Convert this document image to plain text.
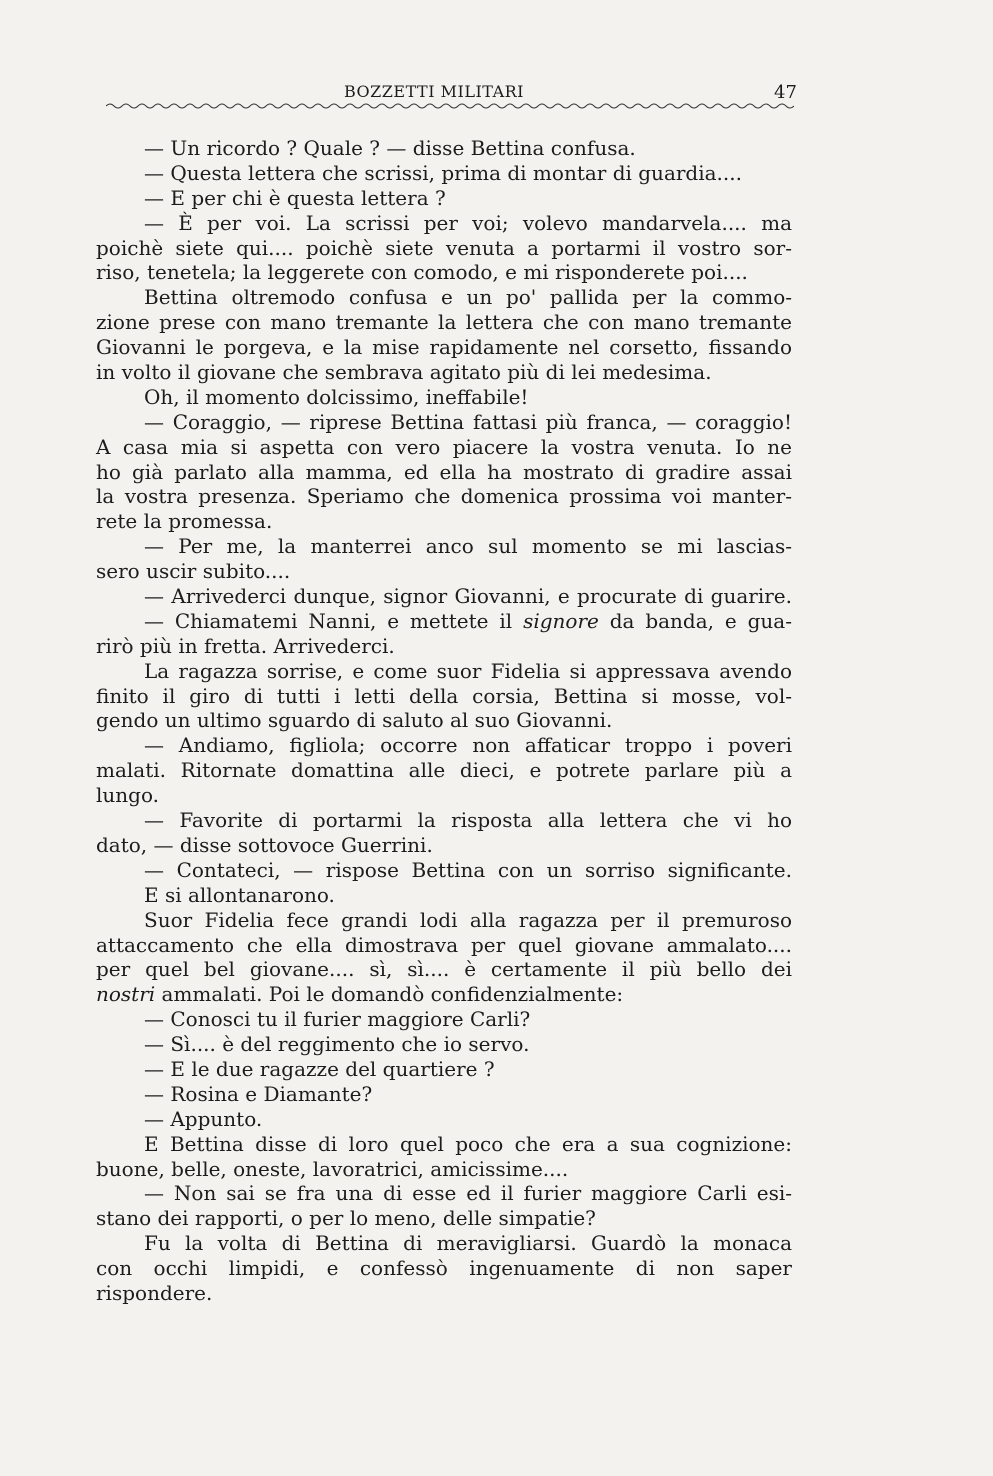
BOZZETTI MILITARI	47
— Un ricordo ? Quale ? — disse Bettina confusa.
— Questa lettera che scrissi, prima di montar di guardia....
— E per chi è questa lettera ?
— È per voi. La scrissi per voi; volevo mandarvela.... ma
poichè siete qui.... poichè siete venuta a portarmi il vostro sor-
riso, tenetela; la leggerete con comodo, e mi risponderete poi....
Bettina oltremodo confusa e un po' pallida per la commo-
zione prese con mano tremante la lettera che con mano tremante
Giovanni le porgeva, e la mise rapidamente nel corsetto, fissando
in volto il giovane che sembrava agitato più di lei medesima.
Oh, il momento dolcissimo, ineffabile!
— Coraggio, — riprese Bettina fattasi più franca, — coraggio!
A casa mia si aspetta con vero piacere la vostra venuta. Io ne
ho già parlato alla mamma, ed ella ha mostrato di gradire assai
la vostra presenza. Speriamo che domenica prossima voi manter-
rete la promessa.
— Per me, la manterrei anco sul momento se mi lascias-
sero uscir subito....
— Arrivederci dunque, signor Giovanni, e procurate di guarire.
— Chiamatemi Nanni, e mettete il signore da banda, e gua-
rirò più in fretta. Arrivederci.
La ragazza sorrise, e come suor Fidelia si appressava avendo
finito il giro di tutti i letti della corsia, Bettina si mosse, vol-
gendo un ultimo sguardo di saluto al suo Giovanni.
— Andiamo, figliola; occorre non affaticar troppo i poveri
malati. Ritornate domattina alle dieci, e potrete parlare più a
lungo.
— Favorite di portarmi la risposta alla lettera che vi ho
dato, — disse sottovoce Guerrini.
— Contateci, — rispose Bettina con un sorriso significante.
E si allontanarono.
Suor Fidelia fece grandi lodi alla ragazza per il premuroso
attaccamento che ella dimostrava per quel giovane ammalato....
per quel bel giovane.... sì, sì.... è certamente il più bello dei
nostri ammalati. Poi le domandò confidenzialmente:
— Conosci tu il furier maggiore Carli?
— Sì.... è del reggimento che io servo.
— E le due ragazze del quartiere ?
— Rosina e Diamante?
— Appunto.
E Bettina disse di loro quel poco che era a sua cognizione:
buone, belle, oneste, lavoratrici, amicissime....
— Non sai se fra una di esse ed il furier maggiore Carli esi-
stano dei rapporti, o per lo meno, delle simpatie?
Fu la volta di Bettina di meravigliarsi. Guardò la monaca
con occhi limpidi, e confessò ingenuamente di non saper rispondere.
